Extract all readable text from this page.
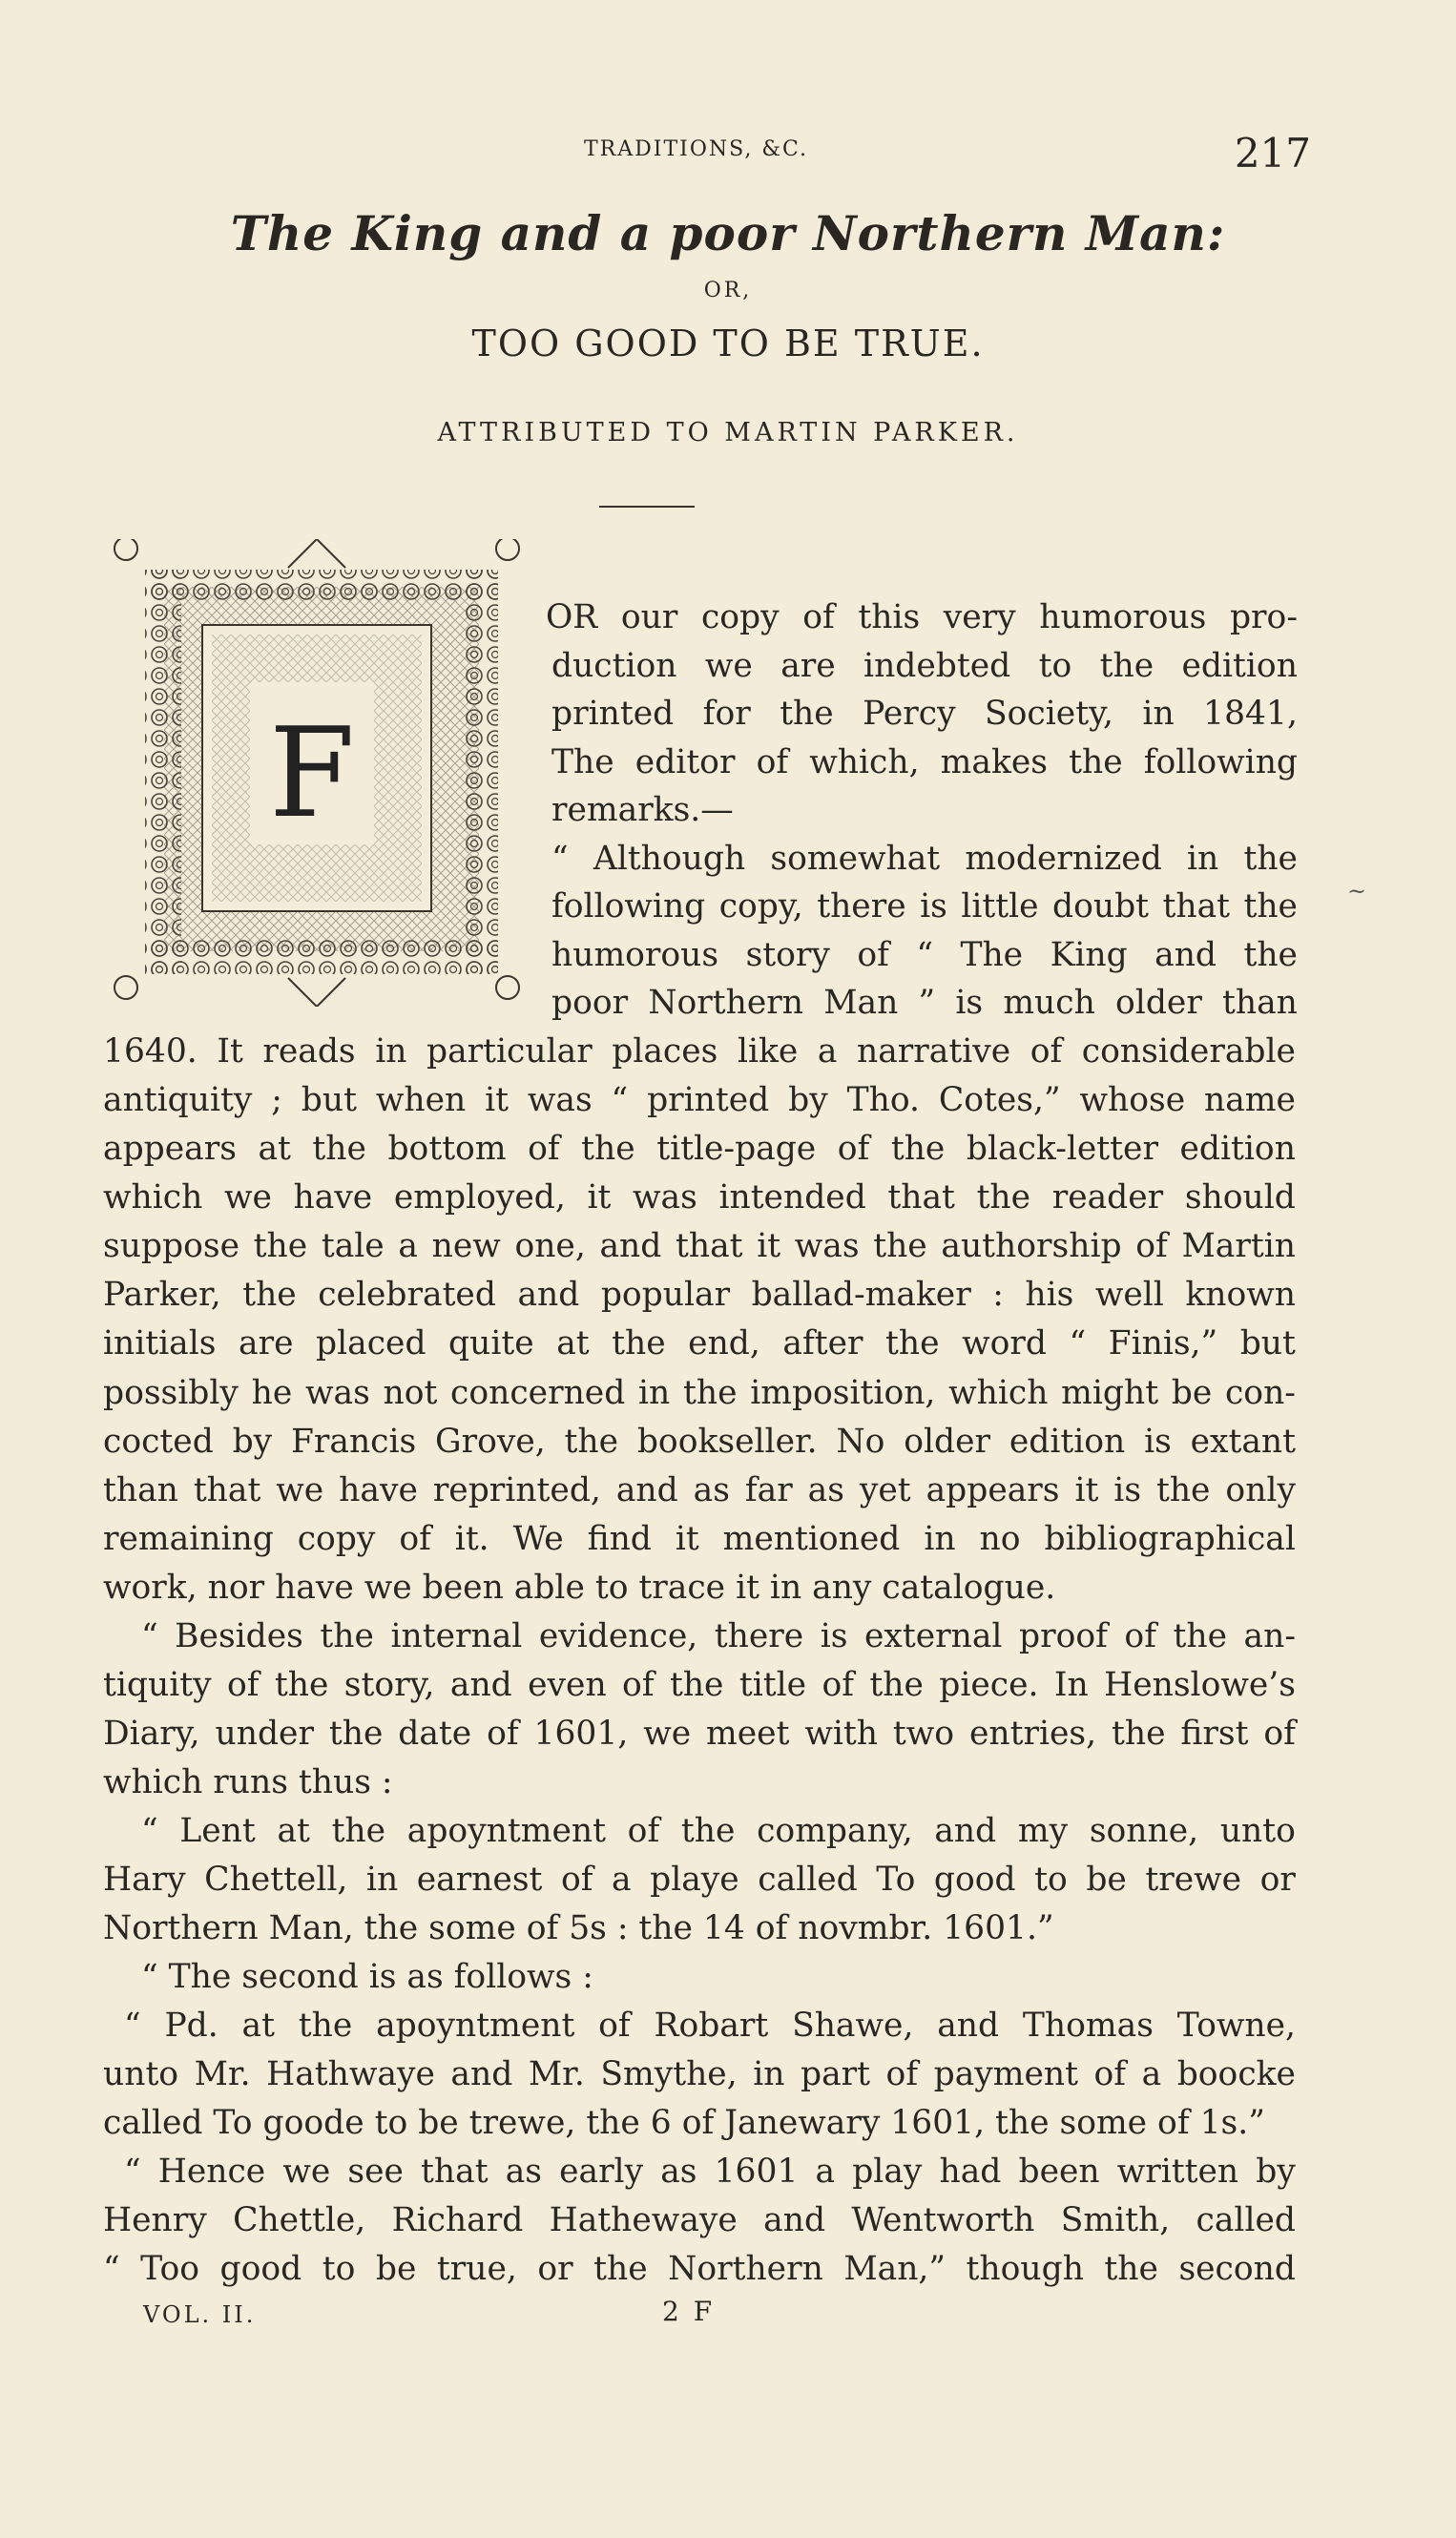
TRADITIONS, &C.	217
The King and a poor Northern Man:
OR,
TOO GOOD TO BE TRUE.
ATTRIBUTED TO MARTIN PARKER.
F
OR our copy of this very humorous pro-
duction we are indebted to the edition
printed for the Percy Society, in 1841,
The editor of which, makes the following
remarks.—
“ Although somewhat modernized in the
following copy, there is little doubt that the
humorous story of “ The King and the
poor Northern Man ” is much older than
1640. It reads in particular places like a narrative of considerable
antiquity ; but when it was “ printed by Tho. Cotes,” whose name
appears at the bottom of the title-page of the black-letter edition
which we have employed, it was intended that the reader should
suppose the tale a new one, and that it was the authorship of Martin
Parker, the celebrated and popular ballad-maker : his well known
initials are placed quite at the end, after the word “ Finis,” but
possibly he was not concerned in the imposition, which might be con-
cocted by Francis Grove, the bookseller. No older edition is extant
than that we have reprinted, and as far as yet appears it is the only
remaining copy of it. We find it mentioned in no bibliographical
work, nor have we been able to trace it in any catalogue.
“ Besides the internal evidence, there is external proof of the an-
tiquity of the story, and even of the title of the piece. In Henslowe’s
Diary, under the date of 1601, we meet with two entries, the first of
which runs thus :
“ Lent at the apoyntment of the company, and my sonne, unto
Hary Chettell, in earnest of a playe called To good to be trewe or
Northern Man, the some of 5s : the 14 of novmbr. 1601.”
“ The second is as follows :
“ Pd. at the apoyntment of Robart Shawe, and Thomas Towne,
unto Mr. Hathwaye and Mr. Smythe, in part of payment of a boocke
called To goode to be trewe, the 6 of Janewary 1601, the some of 1s.”
“ Hence we see that as early as 1601 a play had been written by
Henry Chettle, Richard Hathewaye and Wentworth Smith, called
“ Too good to be true, or the Northern Man,” though the second
~
VOL. II.	2 F
